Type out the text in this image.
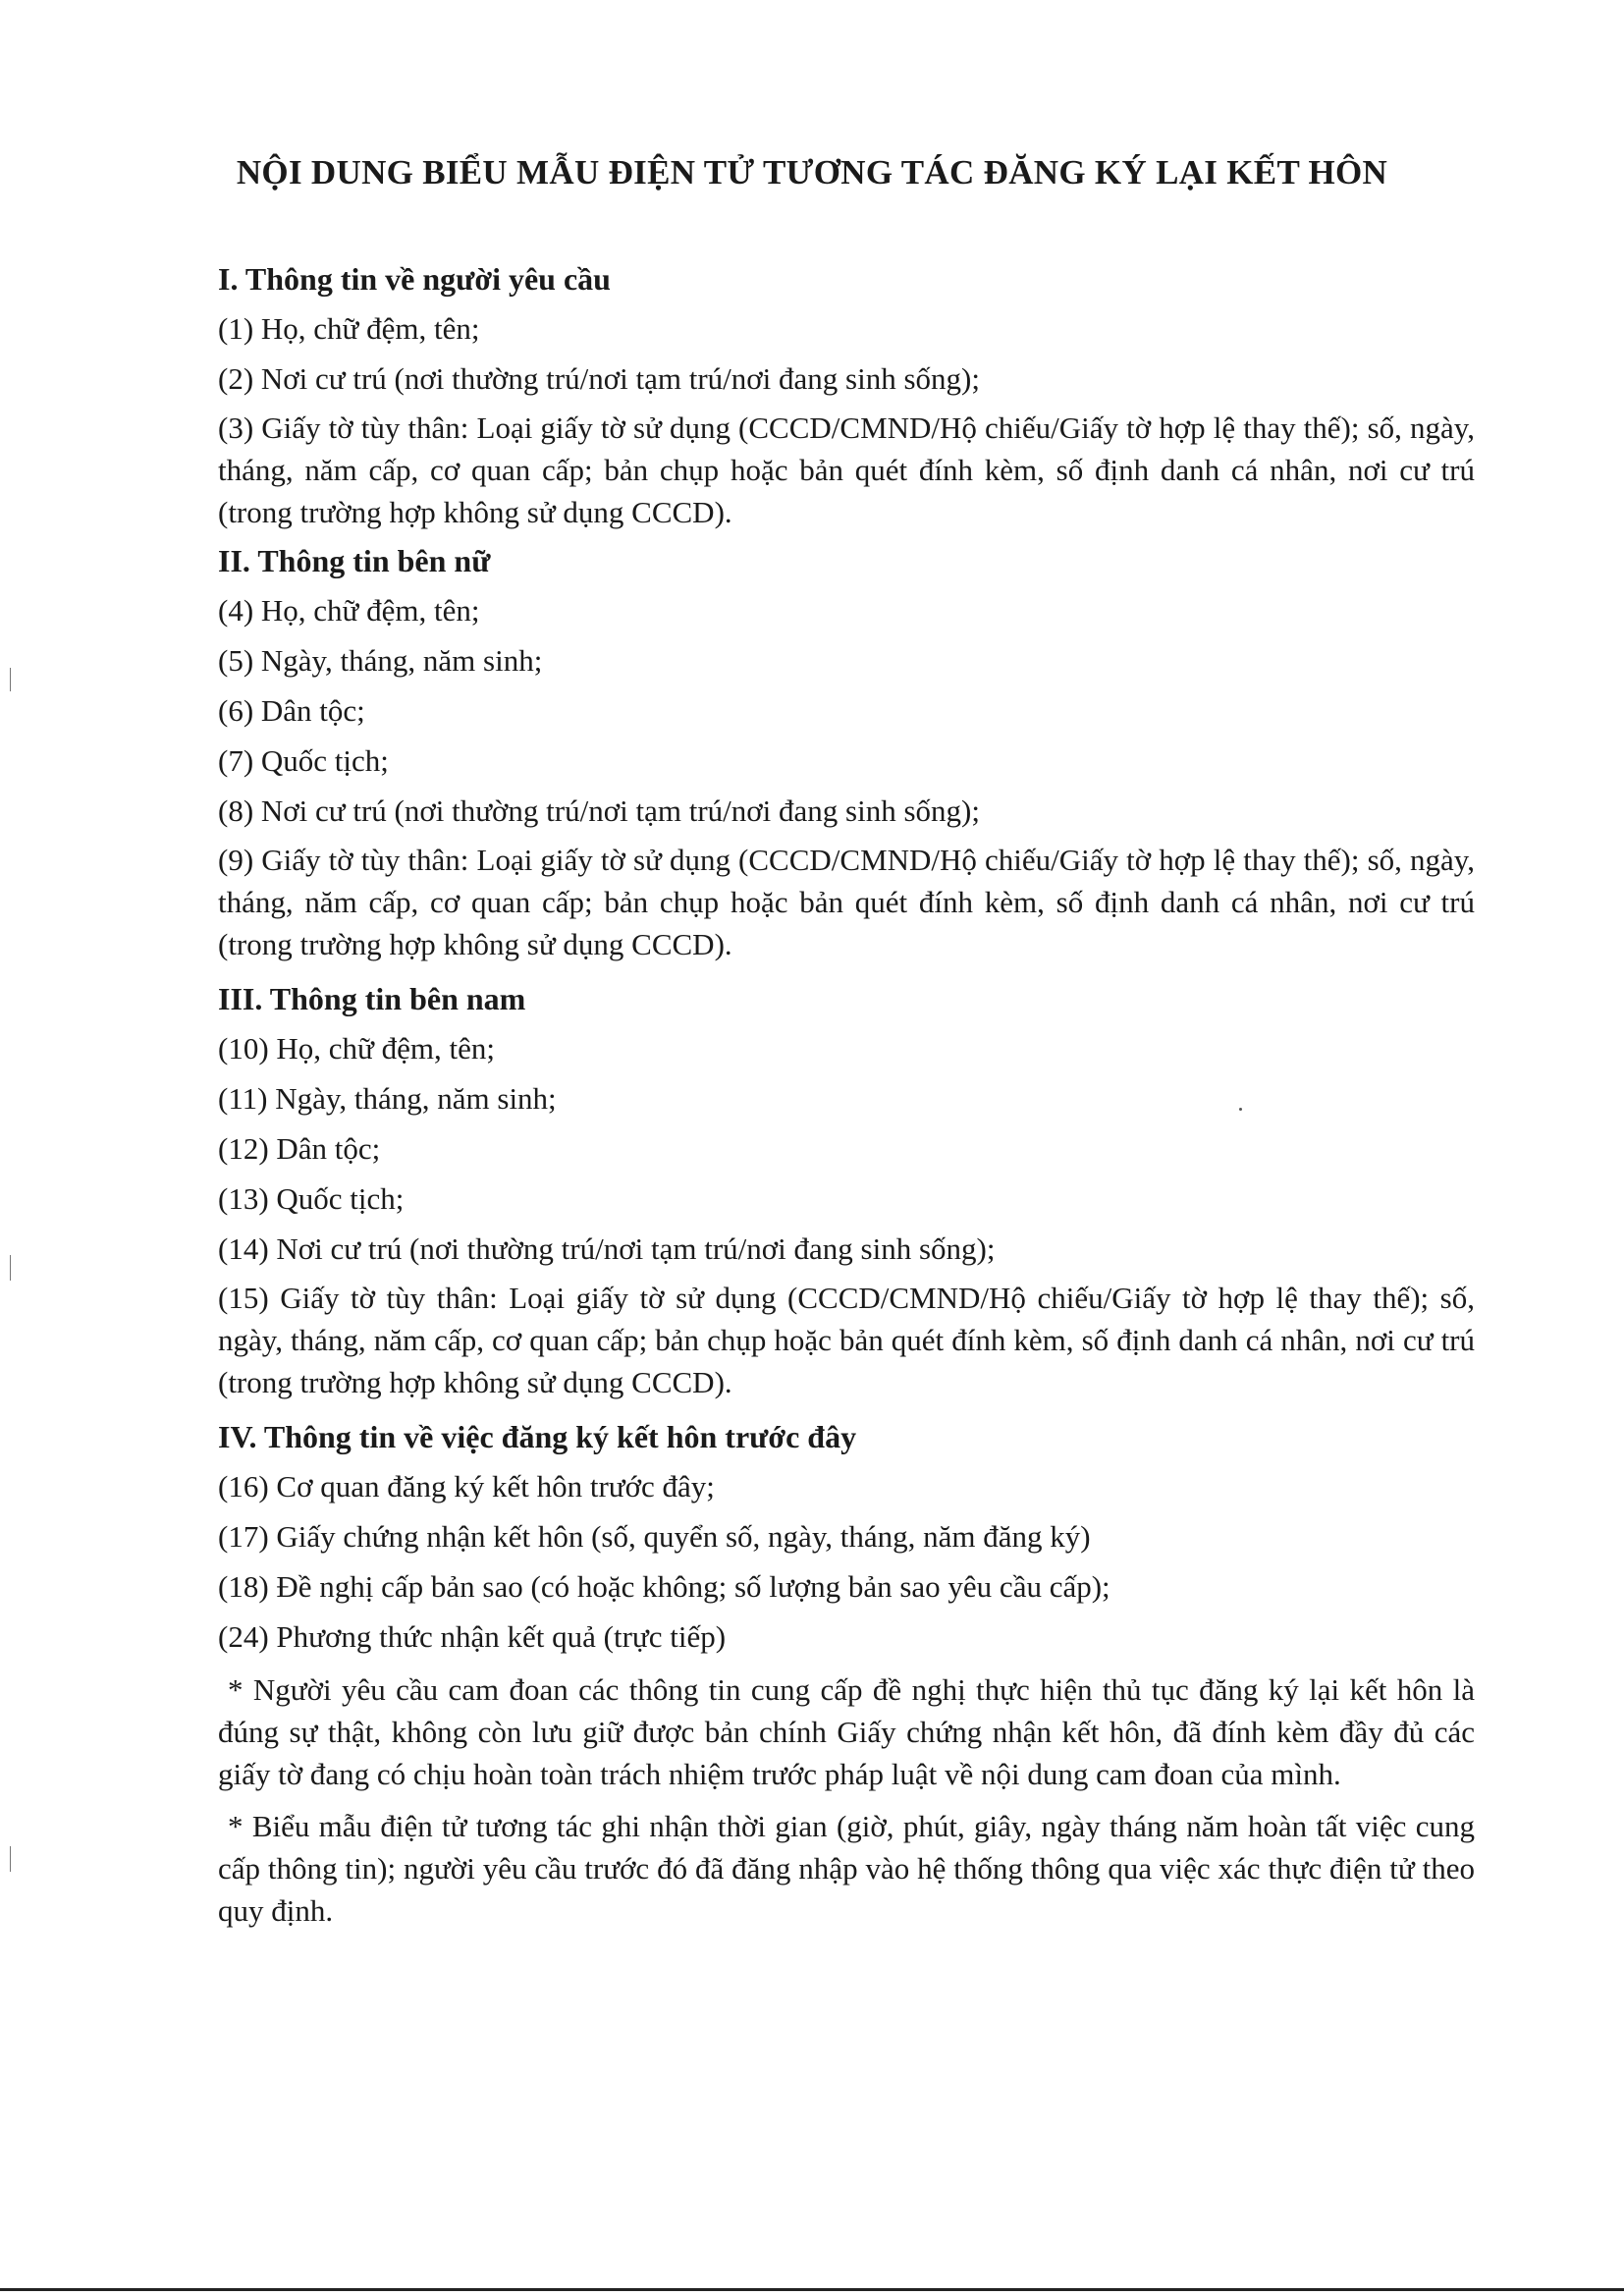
NỘI DUNG BIỂU MẪU ĐIỆN TỬ TƯƠNG TÁC ĐĂNG KÝ LẠI KẾT HÔN
I. Thông tin về người yêu cầu
(1) Họ, chữ đệm, tên;
(2) Nơi cư trú (nơi thường trú/nơi tạm trú/nơi đang sinh sống);
(3) Giấy tờ tùy thân: Loại giấy tờ sử dụng (CCCD/CMND/Hộ chiếu/Giấy tờ hợp lệ thay thế); số, ngày, tháng, năm cấp, cơ quan cấp; bản chụp hoặc bản quét đính kèm, số định danh cá nhân, nơi cư trú (trong trường hợp không sử dụng CCCD).
II. Thông tin bên nữ
(4) Họ, chữ đệm, tên;
(5) Ngày, tháng, năm sinh;
(6) Dân tộc;
(7) Quốc tịch;
(8) Nơi cư trú (nơi thường trú/nơi tạm trú/nơi đang sinh sống);
(9) Giấy tờ tùy thân: Loại giấy tờ sử dụng (CCCD/CMND/Hộ chiếu/Giấy tờ hợp lệ thay thế); số, ngày, tháng, năm cấp, cơ quan cấp; bản chụp hoặc bản quét đính kèm, số định danh cá nhân, nơi cư trú (trong trường hợp không sử dụng CCCD).
III. Thông tin bên nam
(10) Họ, chữ đệm, tên;
(11) Ngày, tháng, năm sinh;
(12) Dân tộc;
(13) Quốc tịch;
(14) Nơi cư trú (nơi thường trú/nơi tạm trú/nơi đang sinh sống);
(15) Giấy tờ tùy thân: Loại giấy tờ sử dụng (CCCD/CMND/Hộ chiếu/Giấy tờ hợp lệ thay thế); số, ngày, tháng, năm cấp, cơ quan cấp; bản chụp hoặc bản quét đính kèm, số định danh cá nhân, nơi cư trú (trong trường hợp không sử dụng CCCD).
IV. Thông tin về việc đăng ký kết hôn trước đây
(16) Cơ quan đăng ký kết hôn trước đây;
(17) Giấy chứng nhận kết hôn (số, quyển số, ngày, tháng, năm đăng ký)
(18) Đề nghị cấp bản sao (có hoặc không; số lượng bản sao yêu cầu cấp);
(24) Phương thức nhận kết quả (trực tiếp)
* Người yêu cầu cam đoan các thông tin cung cấp đề nghị thực hiện thủ tục đăng ký lại kết hôn là đúng sự thật, không còn lưu giữ được bản chính Giấy chứng nhận kết hôn, đã đính kèm đầy đủ các giấy tờ đang có chịu hoàn toàn trách nhiệm trước pháp luật về nội dung cam đoan của mình.
* Biểu mẫu điện tử tương tác ghi nhận thời gian (giờ, phút, giây, ngày tháng năm hoàn tất việc cung cấp thông tin); người yêu cầu trước đó đã đăng nhập vào hệ thống thông qua việc xác thực điện tử theo quy định.
